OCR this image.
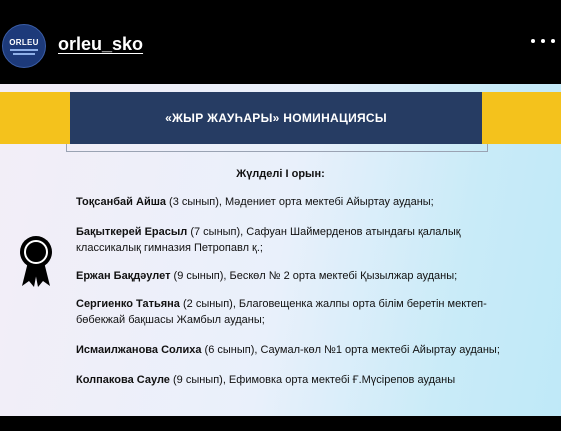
ORLEU orleu_sko
«ЖЫР ЖАУҺАРЫ» НОМИНАЦИЯСЫ
Жүлделі І орын:
Тоқсанбай Айша (3 сынып), Мәдениет орта мектебі Айыртау ауданы;
Бақыткерей Ерасыл (7 сынып), Сафуан Шаймерденов атындағы қалалық классикалық гимназия Петропавл қ.;
Ержан Бақдәулет (9 сынып), Бескөл № 2 орта мектебі Қызылжар ауданы;
Сергиенко Татьяна (2 сынып), Благовещенка жалпы орта білім беретін мектеп-бөбекжай бақшасы Жамбыл ауданы;
Исмаилжанова Солиха (6 сынып), Саумал-көл №1 орта мектебі Айыртау ауданы;
Колпакова Сауле (9 сынып), Ефимовка орта мектебі Ғ.Мүсірепов ауданы
